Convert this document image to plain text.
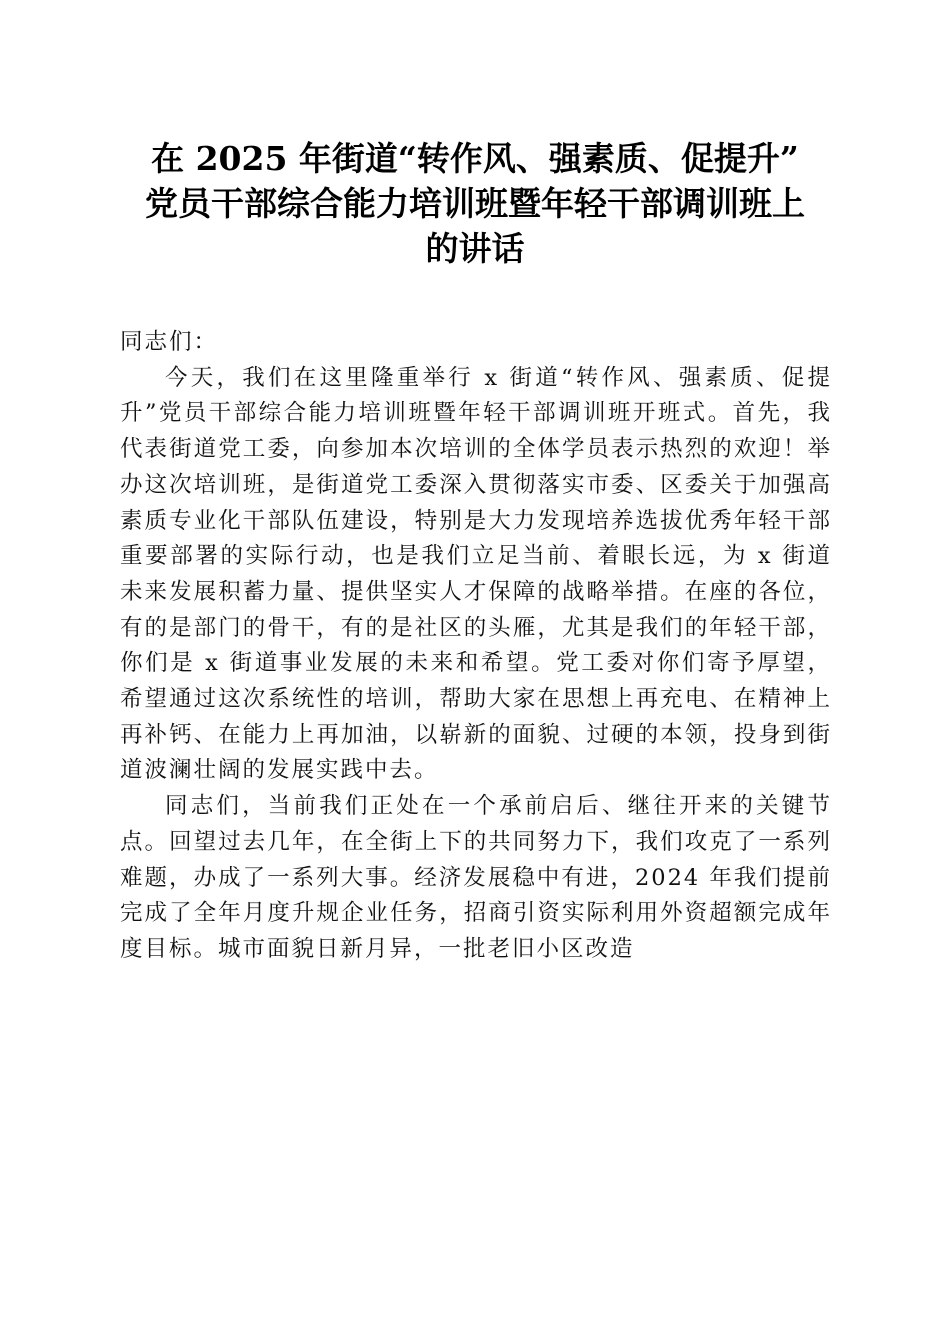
在 2025 年街道“转作风、强素质、促提升”
党员干部综合能力培训班暨年轻干部调训班上
的讲话

同志们：

今天，我们在这里隆重举行 x 街道“转作风、强素质、促提升”党员干部综合能力培训班暨年轻干部调训班开班式。首先，我代表街道党工委，向参加本次培训的全体学员表示热烈的欢迎！举办这次培训班，是街道党工委深入贯彻落实市委、区委关于加强高素质专业化干部队伍建设，特别是大力发现培养选拔优秀年轻干部重要部署的实际行动，也是我们立足当前、着眼长远，为 x 街道未来发展积蓄力量、提供坚实人才保障的战略举措。在座的各位，有的是部门的骨干，有的是社区的头雁，尤其是我们的年轻干部，你们是 x 街道事业发展的未来和希望。党工委对你们寄予厚望，希望通过这次系统性的培训，帮助大家在思想上再充电、在精神上再补钙、在能力上再加油，以崭新的面貌、过硬的本领，投身到街道波澜壮阔的发展实践中去。

同志们，当前我们正处在一个承前启后、继往开来的关键节点。回望过去几年，在全街上下的共同努力下，我们攻克了一系列难题，办成了一系列大事。经济发展稳中有进，2024 年我们提前完成了全年月度升规企业任务，招商引资实际利用外资超额完成年度目标。城市面貌日新月异，一批老旧小区改造
